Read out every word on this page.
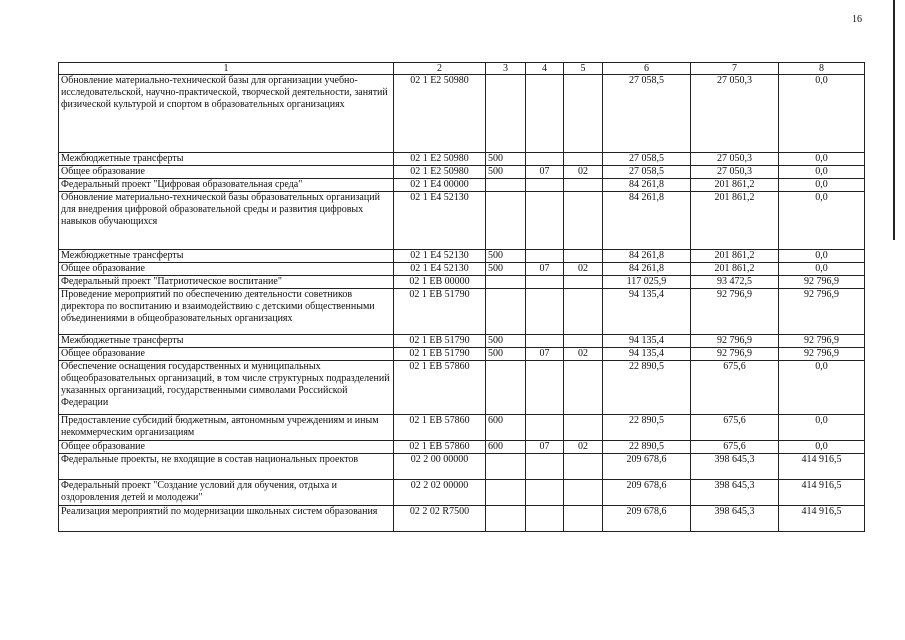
16
1	2	3	4	5	6	7	8
Обновление материально-технической базы для организации учебно-исследовательской, научно-практической, творческой деятельности, занятий физической культурой и спортом в образовательных организациях	02 1 E2 50980				27 058,5	27 050,3	0,0
Межбюджетные трансферты	02 1 E2 50980	500			27 058,5	27 050,3	0,0
Общее образование	02 1 E2 50980	500	07	02	27 058,5	27 050,3	0,0
Федеральный проект "Цифровая образовательная среда"	02 1 E4 00000				84 261,8	201 861,2	0,0
Обновление материально-технической базы образовательных организаций для внедрения цифровой образовательной среды и развития цифровых навыков обучающихся	02 1 E4 52130				84 261,8	201 861,2	0,0
Межбюджетные трансферты	02 1 E4 52130	500			84 261,8	201 861,2	0,0
Общее образование	02 1 E4 52130	500	07	02	84 261,8	201 861,2	0,0
Федеральный проект "Патриотическое воспитание"	02 1 EB 00000				117 025,9	93 472,5	92 796,9
Проведение мероприятий по обеспечению деятельности советников директора по воспитанию и взаимодействию с детскими общественными объединениями в общеобразовательных организациях	02 1 EB 51790				94 135,4	92 796,9	92 796,9
Межбюджетные трансферты	02 1 EB 51790	500			94 135,4	92 796,9	92 796,9
Общее образование	02 1 EB 51790	500	07	02	94 135,4	92 796,9	92 796,9
Обеспечение оснащения государственных и муниципальных общеобразовательных организаций, в том числе структурных подразделений указанных организаций, государственными символами Российской Федерации	02 1 EB 57860				22 890,5	675,6	0,0
Предоставление субсидий бюджетным, автономным учреждениям и иным некоммерческим организациям	02 1 EB 57860	600			22 890,5	675,6	0,0
Общее образование	02 1 EB 57860	600	07	02	22 890,5	675,6	0,0
Федеральные проекты, не входящие в состав национальных проектов	02 2 00 00000				209 678,6	398 645,3	414 916,5
Федеральный проект "Создание условий для обучения, отдыха и оздоровления детей и молодежи"	02 2 02 00000				209 678,6	398 645,3	414 916,5
Реализация мероприятий по модернизации школьных систем образования	02 2 02 R7500				209 678,6	398 645,3	414 916,5
